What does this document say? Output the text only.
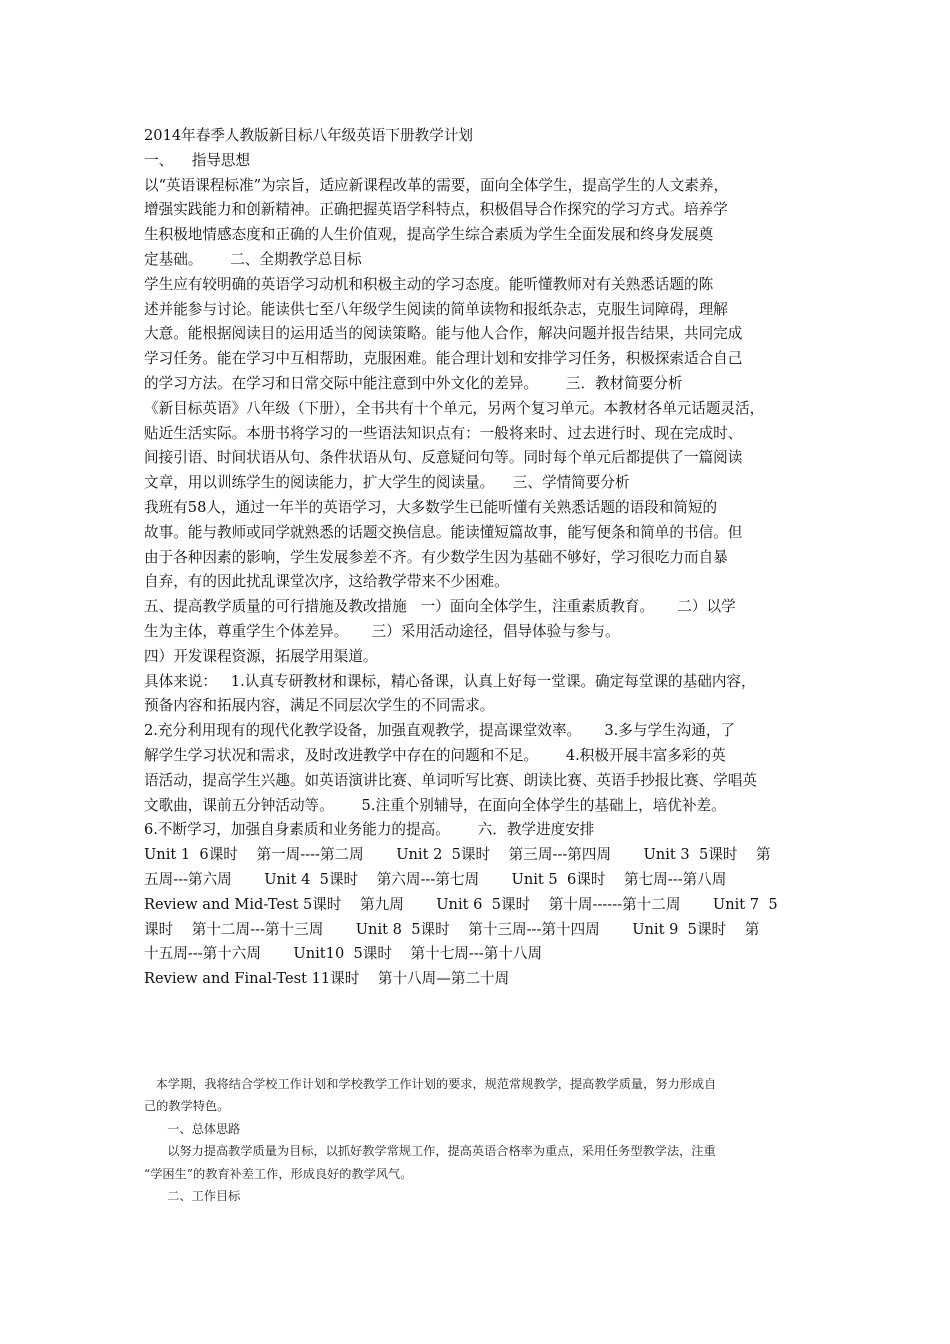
2014年春季人教版新目标八年级英语下册教学计划
一、    指导思想
以“英语课程标准”为宗旨，适应新课程改革的需要，面向全体学生，提高学生的人文素养，
增强实践能力和创新精神。正确把握英语学科特点，积极倡导合作探究的学习方式。培养学
生积极地情感态度和正确的人生价值观，提高学生综合素质为学生全面发展和终身发展奠
定基础。      二、全期教学总目标
学生应有较明确的英语学习动机和积极主动的学习态度。能听懂教师对有关熟悉话题的陈
述并能参与讨论。能读供七至八年级学生阅读的简单读物和报纸杂志，克服生词障碍，理解
大意。能根据阅读目的运用适当的阅读策略。能与他人合作，解决问题并报告结果，共同完成
学习任务。能在学习中互相帮助，克服困难。能合理计划和安排学习任务，积极探索适合自己
的学习方法。在学习和日常交际中能注意到中外文化的差异。      三．教材简要分析
《新目标英语》八年级（下册），全书共有十个单元，另两个复习单元。本教材各单元话题灵活，
贴近生活实际。本册书将学习的一些语法知识点有：一般将来时、过去进行时、现在完成时、
间接引语、时间状语从句、条件状语从句、反意疑问句等。同时每个单元后都提供了一篇阅读
文章，用以训练学生的阅读能力，扩大学生的阅读量。    三、学情简要分析
我班有58人，通过一年半的英语学习，大多数学生已能听懂有关熟悉话题的语段和简短的
故事。能与教师或同学就熟悉的话题交换信息。能读懂短篇故事，能写便条和简单的书信。但
由于各种因素的影响，学生发展参差不齐。有少数学生因为基础不够好，学习很吃力而自暴
自弃，有的因此扰乱课堂次序，这给教学带来不少困难。
五、提高教学质量的可行措施及教改措施   一）面向全体学生，注重素质教育。     二）以学
生为主体，尊重学生个体差异。     三）采用活动途径，倡导体验与参与。
四）开发课程资源，拓展学用渠道。
具体来说：   1.认真专研教材和课标，精心备课，认真上好每一堂课。确定每堂课的基础内容，
预备内容和拓展内容，满足不同层次学生的不同需求。
2.充分利用现有的现代化教学设备，加强直观教学，提高课堂效率。     3.多与学生沟通，了
解学生学习状况和需求，及时改进教学中存在的问题和不足。      4.积极开展丰富多彩的英
语活动，提高学生兴趣。如英语演讲比赛、单词听写比赛、朗读比赛、英语手抄报比赛、学唱英
文歌曲，课前五分钟活动等。      5.注重个别辅导，在面向全体学生的基础上，培优补差。
6.不断学习，加强自身素质和业务能力的提高。      六．教学进度安排
Unit 1  6课时    第一周----第二周       Unit 2  5课时    第三周---第四周       Unit 3  5课时    第
五周---第六周       Unit 4  5课时    第六周---第七周       Unit 5  6课时    第七周---第八周
Review and Mid-Test 5课时    第九周       Unit 6  5课时    第十周------第十二周       Unit 7  5
课时    第十二周---第十三周       Unit 8  5课时    第十三周---第十四周       Unit 9  5课时    第
十五周---第十六周       Unit10  5课时    第十七周---第十八周
Review and Final-Test 11课时    第十八周—第二十周
本学期，我将结合学校工作计划和学校教学工作计划的要求，规范常规教学，提高教学质量，努力形成自
己的教学特色。
一、总体思路
以努力提高教学质量为目标，以抓好教学常规工作，提高英语合格率为重点，采用任务型教学法，注重
“学困生”的教育补差工作，形成良好的教学风气。
二、工作目标
